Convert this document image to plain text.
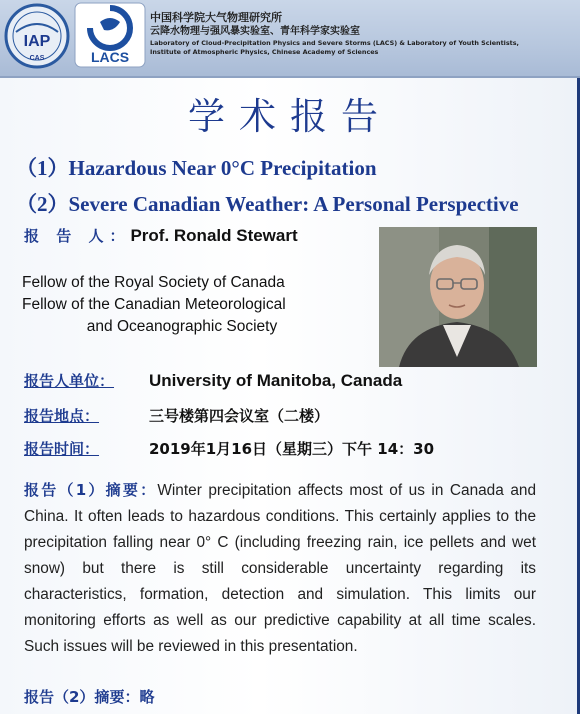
IAP
CAS	LACS
中国科学院大气物理研究所
云降水物理与强风暴实验室、青年科学家实验室
Laboratory of Cloud-Precipitation Physics and Severe Storms (LACS) & Laboratory of Youth Scientists,
Institute of Atmospheric Physics, Chinese Academy of Sciences
学术报告
（1）Hazardous Near 0°C Precipitation
（2）Severe Canadian Weather: A Personal Perspective
报 告 人：Prof. Ronald Stewart
Fellow of the Royal Society of Canada
Fellow of the Canadian Meteorological
and Oceanographic Society
报告人单位： University of Manitoba, Canada
报告地点：	三号楼第四会议室（二楼）
报告时间：	2019年1月16日（星期三）下午 14：30
报告（1）摘要：Winter precipitation affects most of us in Canada and China. It often leads to hazardous conditions. This certainly applies to the precipitation falling near 0° C (including freezing rain, ice pellets and wet snow) but there is still considerable uncertainty regarding its characteristics, formation, detection and simulation. This limits our monitoring efforts as well as our predictive capability at all time scales. Such issues will be reviewed in this presentation.
报告（2）摘要：略
